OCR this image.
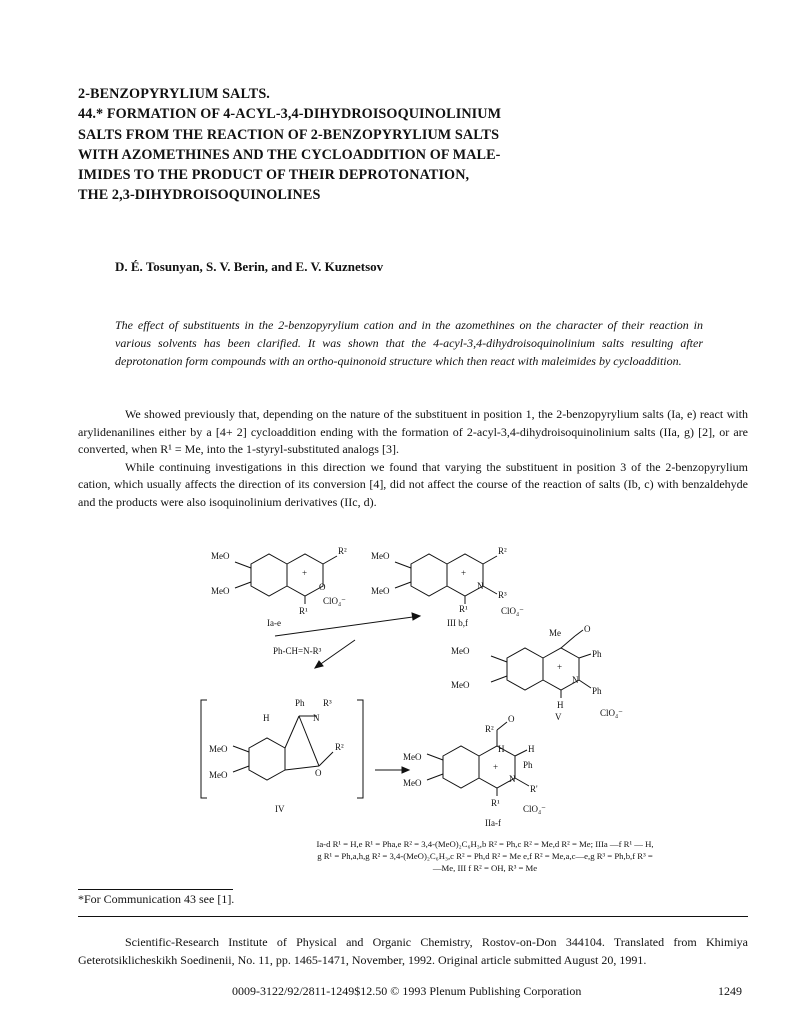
2-BENZOPYRYLIUM SALTS.
44.* FORMATION OF 4-ACYL-3,4-DIHYDROISOQUINOLINIUM
SALTS FROM THE REACTION OF 2-BENZOPYRYLIUM SALTS
WITH AZOMETHINES AND THE CYCLOADDITION OF MALE-
IMIDES TO THE PRODUCT OF THEIR DEPROTONATION,
THE 2,3-DIHYDROISOQUINOLINES
D. É. Tosunyan, S. V. Berin, and E. V. Kuznetsov
The effect of substituents in the 2-benzopyrylium cation and in the azomethines on the character of their reaction in various solvents has been clarified. It was shown that the 4-acyl-3,4-dihydroisoquinolinium salts resulting after deprotonation form compounds with an ortho-quinonoid structure which then react with maleimides by cycloaddition.

We showed previously that, depending on the nature of the substituent in position 1, the 2-benzopyrylium salts (Ia, e) react with arylidenanilines either by a [4+ 2] cycloaddition ending with the formation of 2-acyl-3,4-dihydroisoquinolinium salts (IIa, g) [2], or are converted, when R¹ = Me, into the 1-styryl-substituted analogs [3].

While continuing investigations in this direction we found that varying the substituent in position 3 of the 2-benzopyrylium cation, which usually affects the direction of its conversion [4], did not affect the course of the reaction of salts (Ib, c) with benzaldehyde and the products were also isoquinolinium derivatives (IIc, d).

MeO
MeO
R²
R¹
O
+
ClO₄⁻
Ia-e
MeO
MeO
R²
N
+
R³
R¹	ClO₄⁻
III b,f
Ph-CH=N-R³
Me	O
Ph
N
+
Ph
H
MeO
MeO
V	ClO₄⁻
Ph R³
H	N
R²
O
MeO
MeO
IV
R²
O
H	H
Ph
N
+
R'
R¹
ClO₄⁻
MeO
MeO
IIa-f
Ia-d R¹ = H,e R¹ = Pha,e R² = 3,4-(MeO)₂C₆H₃,b R² = Ph,c R² = Me,d R² = Me; IIIa —f R¹ — H,
g R¹ = Ph,a,h,g R² = 3,4-(MeO)₂C₆H₃,c R² = Ph,d R² = Me e,f R² = Me,a,c—e,g R³ = Ph,b,f R³ =
—Me, III f R² = OH, R³ = Me
*For Communication 43 see [1].
Scientific-Research Institute of Physical and Organic Chemistry, Rostov-on-Don 344104. Translated from Khimiya Geterotsiklicheskikh Soedinenii, No. 11, pp. 1465-1471, November, 1992. Original article submitted August 20, 1991.
0009-3122/92/2811-1249$12.50 © 1993 Plenum Publishing Corporation	1249
